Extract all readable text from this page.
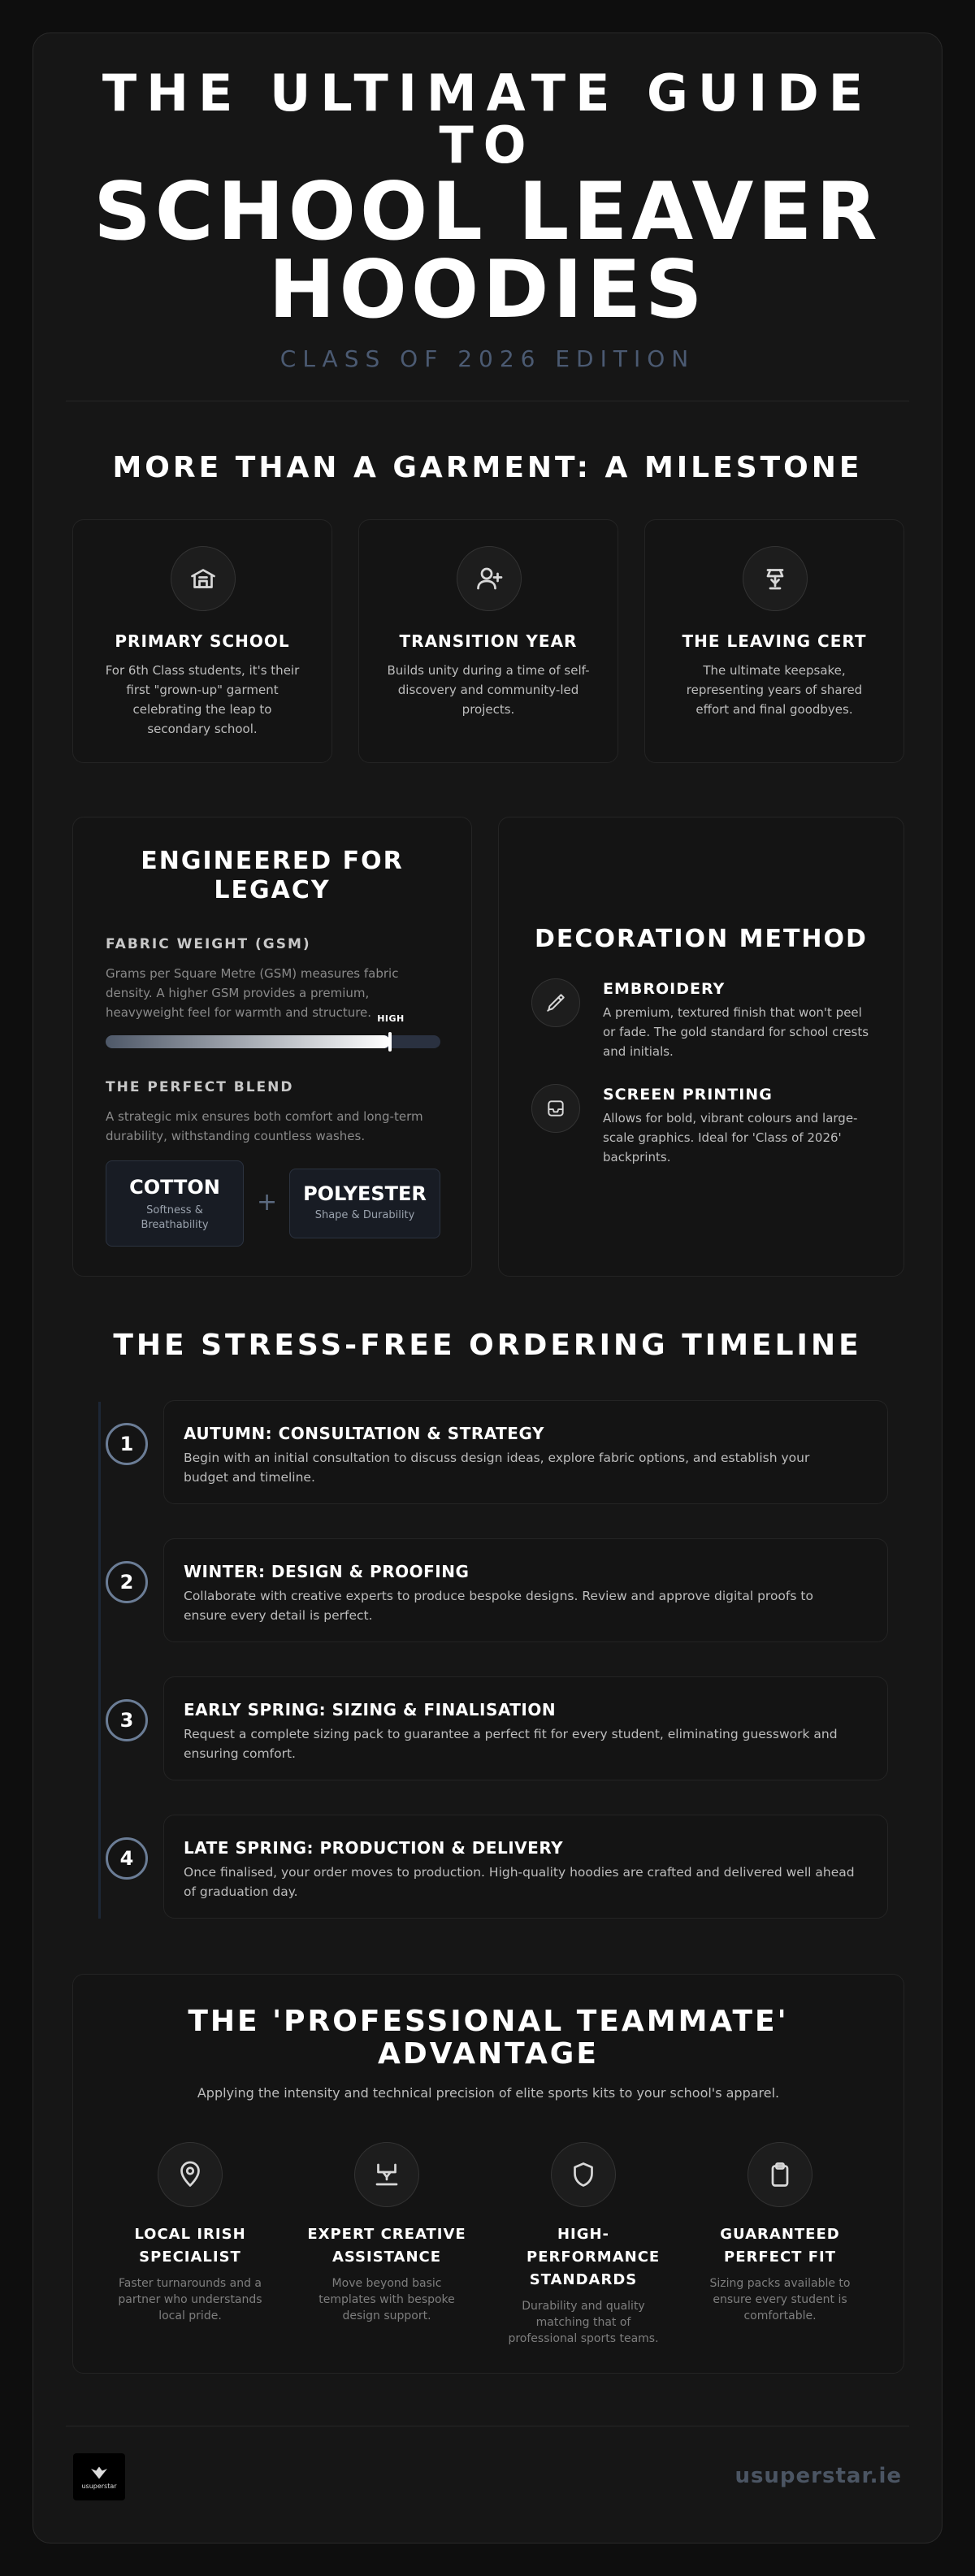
THE ULTIMATE GUIDE
TO
SCHOOL LEAVER
HOODIES
CLASS OF 2026 EDITION
MORE THAN A GARMENT: A MILESTONE
PRIMARY SCHOOL
For 6th Class students, it's their first "grown-up" garment celebrating the leap to secondary school.
TRANSITION YEAR
Builds unity during a time of self-discovery and community-led projects.
THE LEAVING CERT
The ultimate keepsake, representing years of shared effort and final goodbyes.
ENGINEERED FOR
LEGACY
FABRIC WEIGHT (GSM)
Grams per Square Metre (GSM) measures fabric density. A higher GSM provides a premium, heavyweight feel for warmth and structure. HIGH
THE PERFECT BLEND
A strategic mix ensures both comfort and long-term durability, withstanding countless washes.
COTTON
Softness & Breathability
+	POLYESTER
Shape & Durability
DECORATION METHOD
EMBROIDERY
A premium, textured finish that won't peel or fade. The gold standard for school crests and initials.
SCREEN PRINTING
Allows for bold, vibrant colours and large-scale graphics. Ideal for 'Class of 2026' backprints.
THE STRESS-FREE ORDERING TIMELINE
1	AUTUMN: CONSULTATION & STRATEGY
Begin with an initial consultation to discuss design ideas, explore fabric options, and establish your budget and timeline.
2	WINTER: DESIGN & PROOFING
Collaborate with creative experts to produce bespoke designs. Review and approve digital proofs to ensure every detail is perfect.
3	EARLY SPRING: SIZING & FINALISATION
Request a complete sizing pack to guarantee a perfect fit for every student, eliminating guesswork and ensuring comfort.
4	LATE SPRING: PRODUCTION & DELIVERY
Once finalised, your order moves to production. High-quality hoodies are crafted and delivered well ahead of graduation day.
THE 'PROFESSIONAL TEAMMATE'
ADVANTAGE
Applying the intensity and technical precision of elite sports kits to your school's apparel.
LOCAL IRISH SPECIALIST
Faster turnarounds and a partner who understands local pride.
EXPERT CREATIVE ASSISTANCE
Move beyond basic templates with bespoke design support.
HIGH-PERFORMANCE STANDARDS
Durability and quality matching that of professional sports teams.
GUARANTEED PERFECT FIT
Sizing packs available to ensure every student is comfortable.
usuperstar	usuperstar.ie
